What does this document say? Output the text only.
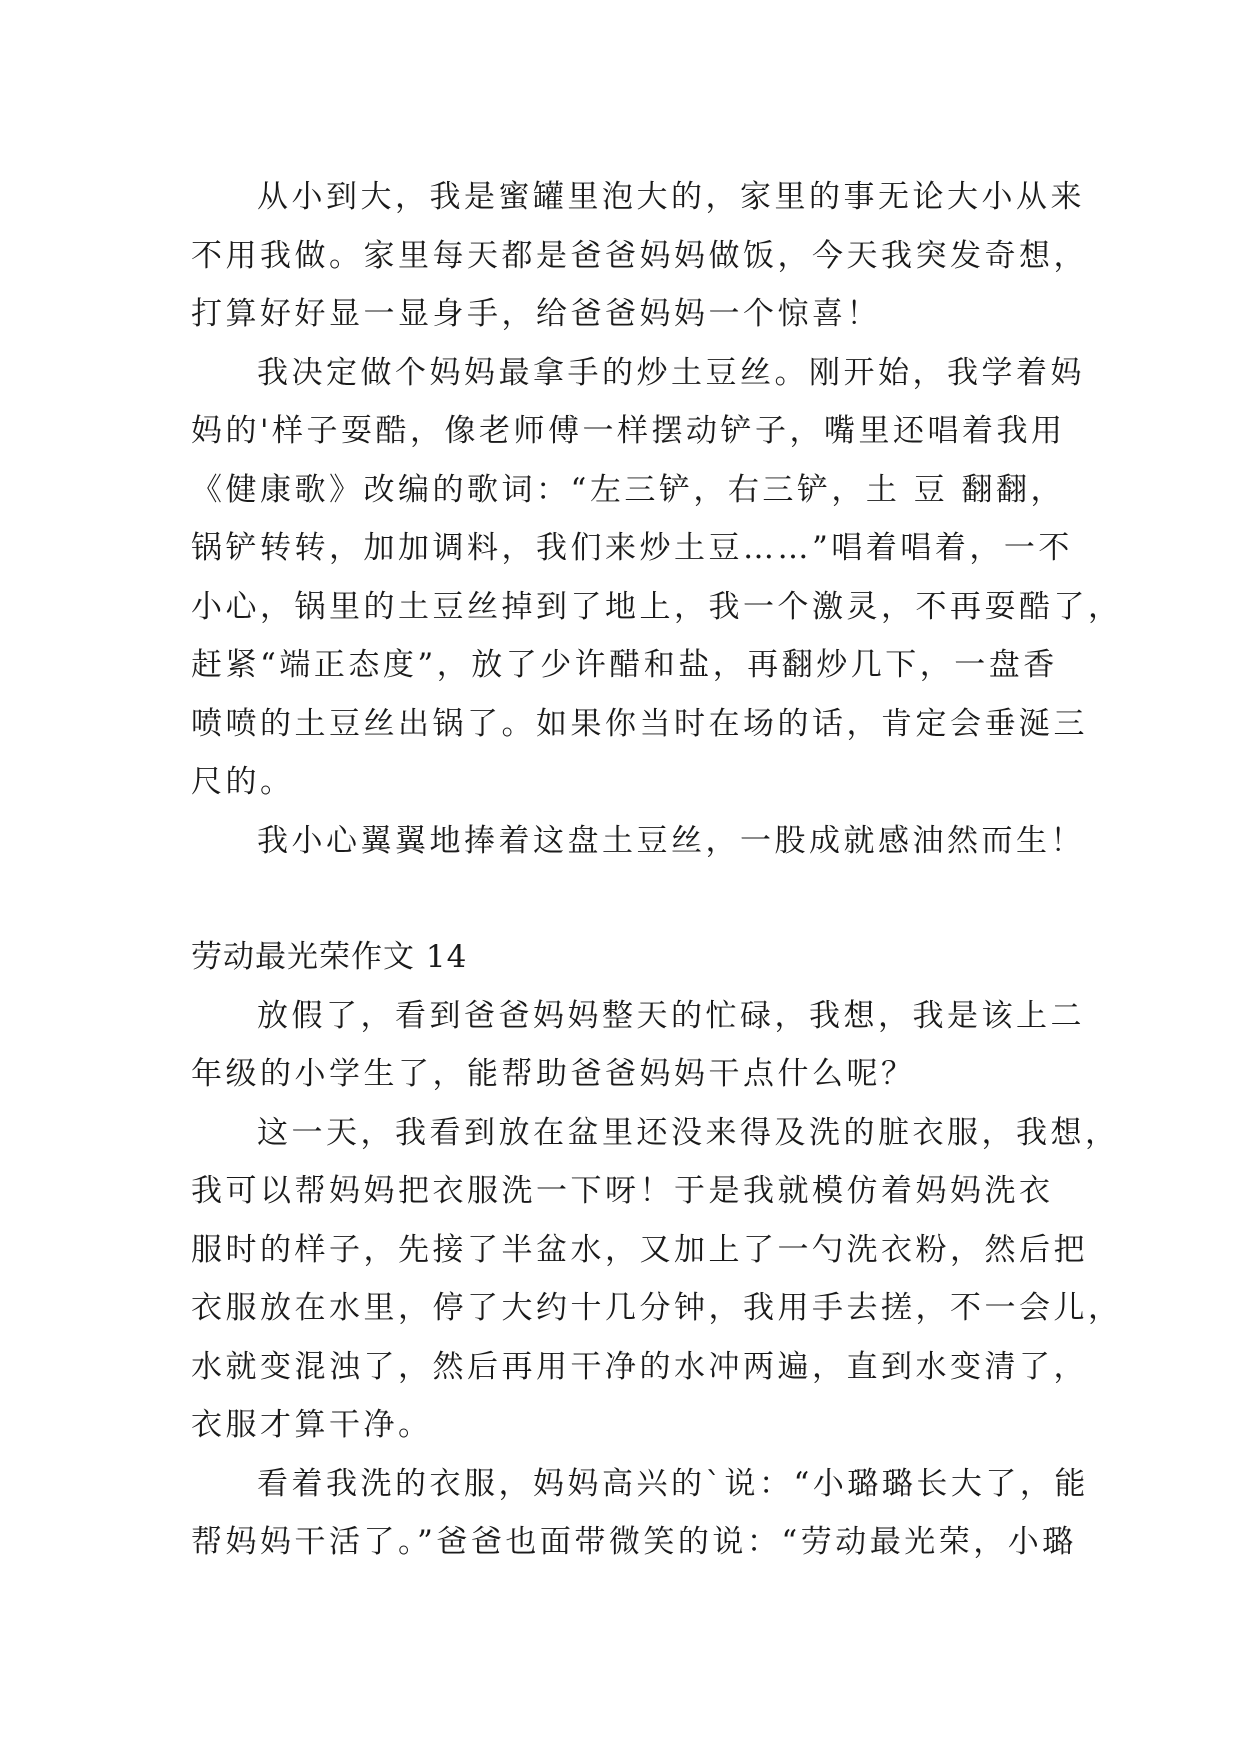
从小到大，我是蜜罐里泡大的，家里的事无论大小从来
不用我做。家里每天都是爸爸妈妈做饭，今天我突发奇想，
打算好好显一显身手，给爸爸妈妈一个惊喜！
我决定做个妈妈最拿手的炒土豆丝。刚开始，我学着妈
妈的'样子耍酷，像老师傅一样摆动铲子，嘴里还唱着我用
《健康歌》改编的歌词：“左三铲，右三铲，土 豆 翻翻，
锅铲转转，加加调料，我们来炒土豆……”唱着唱着，一不
小心，锅里的土豆丝掉到了地上，我一个激灵，不再耍酷了，
赶紧“端正态度”，放了少许醋和盐，再翻炒几下，一盘香
喷喷的土豆丝出锅了。如果你当时在场的话，肯定会垂涎三
尺的。
我小心翼翼地捧着这盘土豆丝，一股成就感油然而生！
劳动最光荣作文 14
放假了，看到爸爸妈妈整天的忙碌，我想，我是该上二
年级的小学生了，能帮助爸爸妈妈干点什么呢？
这一天，我看到放在盆里还没来得及洗的脏衣服，我想，
我可以帮妈妈把衣服洗一下呀！于是我就模仿着妈妈洗衣
服时的样子，先接了半盆水，又加上了一勺洗衣粉，然后把
衣服放在水里，停了大约十几分钟，我用手去搓，不一会儿，
水就变混浊了，然后再用干净的水冲两遍，直到水变清了，
衣服才算干净。
看着我洗的衣服，妈妈高兴的`说：“小璐璐长大了，能
帮妈妈干活了。”爸爸也面带微笑的说：“劳动最光荣，小璐
